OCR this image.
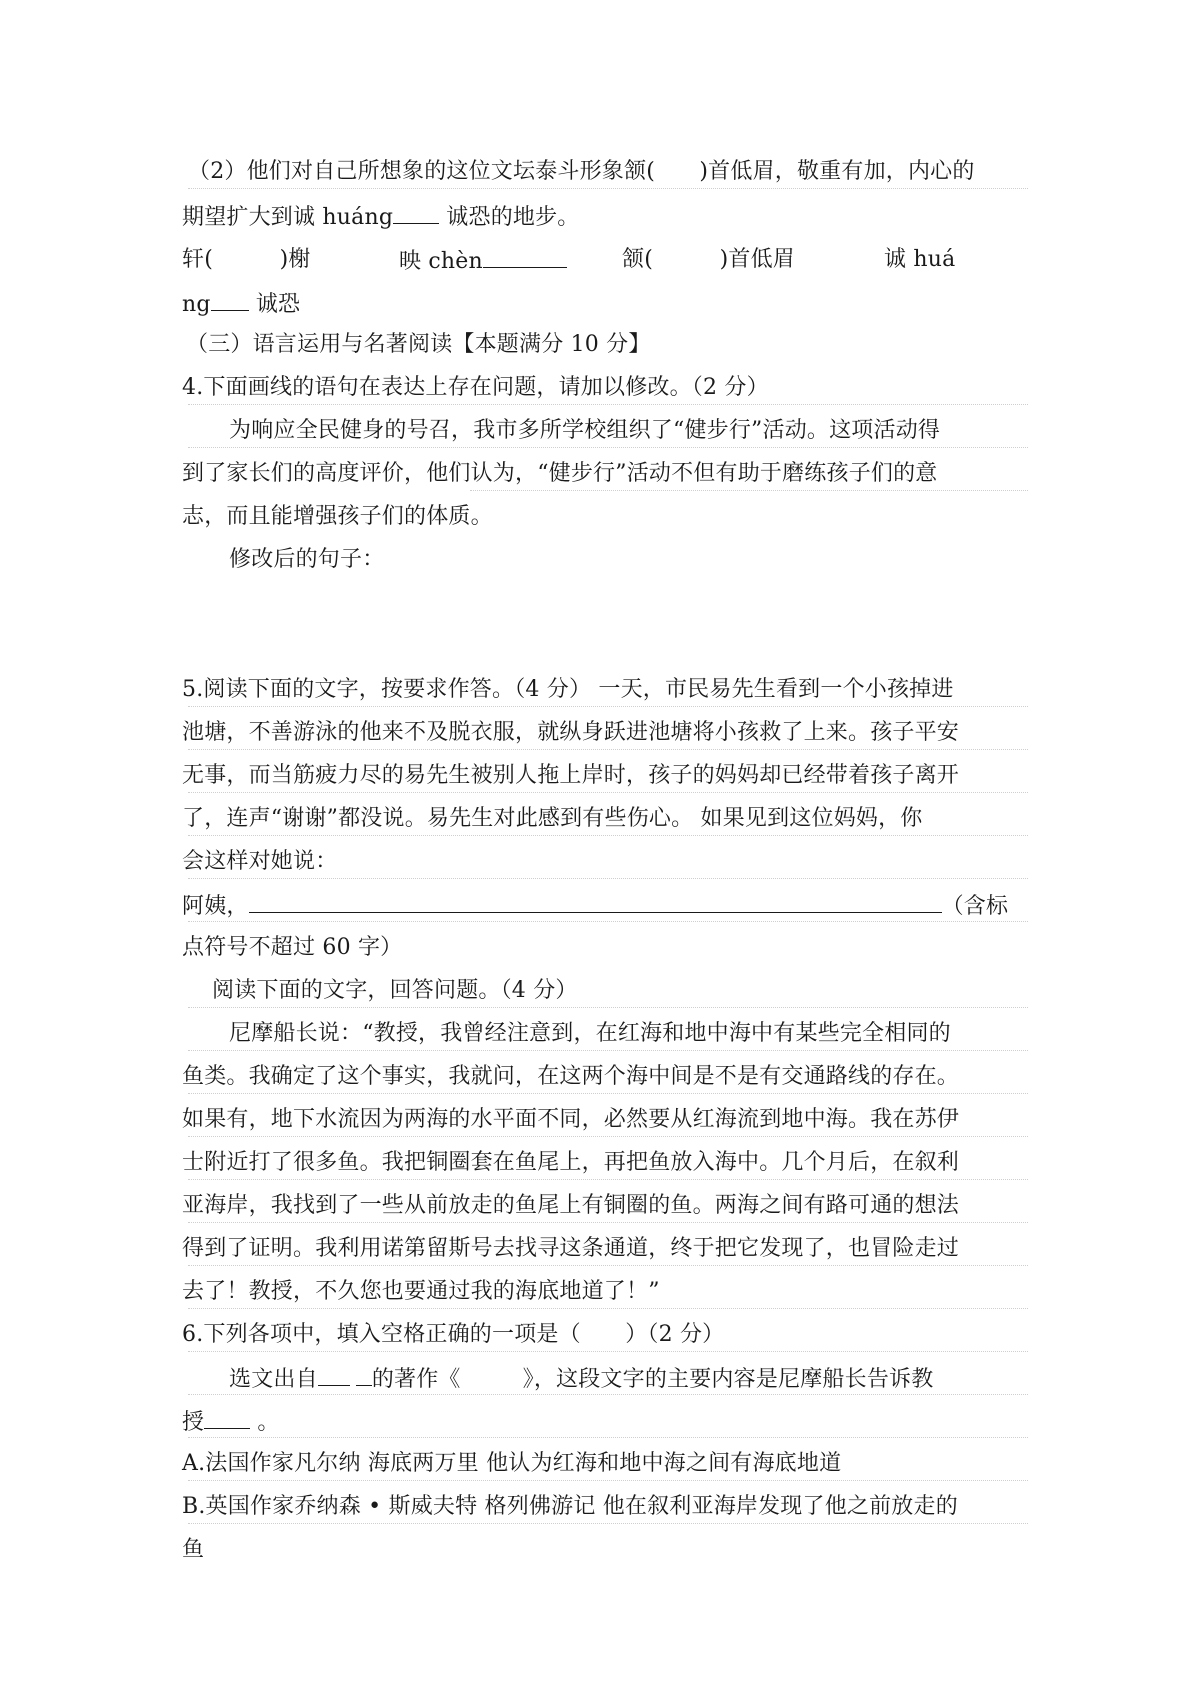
（2）他们对自己所想象的这位文坛泰斗形象颔(　　)首低眉，敬重有加，内心的
期望扩大到诚 huáng 诚恐的地步。
轩(　　　)榭	映 chèn	颔(　　　)首低眉	诚 huá
ng 诚恐
（三）语言运用与名著阅读【本题满分 10 分】
4.下面画线的语句在表达上存在问题，请加以修改。（2 分）
为响应全民健身的号召，我市多所学校组织了“健步行”活动。这项活动得
到了家长们的高度评价，他们认为，“健步行”活动不但有助于磨练孩子们的意
志，而且能增强孩子们的体质。
修改后的句子：
5.阅读下面的文字，按要求作答。（4 分） 一天，市民易先生看到一个小孩掉进
池塘，不善游泳的他来不及脱衣服，就纵身跃进池塘将小孩救了上来。孩子平安
无事，而当筋疲力尽的易先生被别人拖上岸时，孩子的妈妈却已经带着孩子离开
了，连声“谢谢”都没说。易先生对此感到有些伤心。 如果见到这位妈妈，你
会这样对她说：
阿姨，	（含标
点符号不超过 60 字）
阅读下面的文字，回答问题。（4 分）
尼摩船长说：“教授，我曾经注意到，在红海和地中海中有某些完全相同的
鱼类。我确定了这个事实，我就问，在这两个海中间是不是有交通路线的存在。
如果有，地下水流因为两海的水平面不同，必然要从红海流到地中海。我在苏伊
士附近打了很多鱼。我把铜圈套在鱼尾上，再把鱼放入海中。几个月后，在叙利
亚海岸，我找到了一些从前放走的鱼尾上有铜圈的鱼。两海之间有路可通的想法
得到了证明。我利用诺第留斯号去找寻这条通道，终于把它发现了，也冒险走过
去了！教授，不久您也要通过我的海底地道了！”
6.下列各项中，填入空格正确的一项是（　　）（2 分）
选文出自 的著作《	》，这段文字的主要内容是尼摩船长告诉教
授 。
A.法国作家凡尔纳 海底两万里 他认为红海和地中海之间有海底地道
B.英国作家乔纳森 • 斯威夫特 格列佛游记 他在叙利亚海岸发现了他之前放走的
鱼
